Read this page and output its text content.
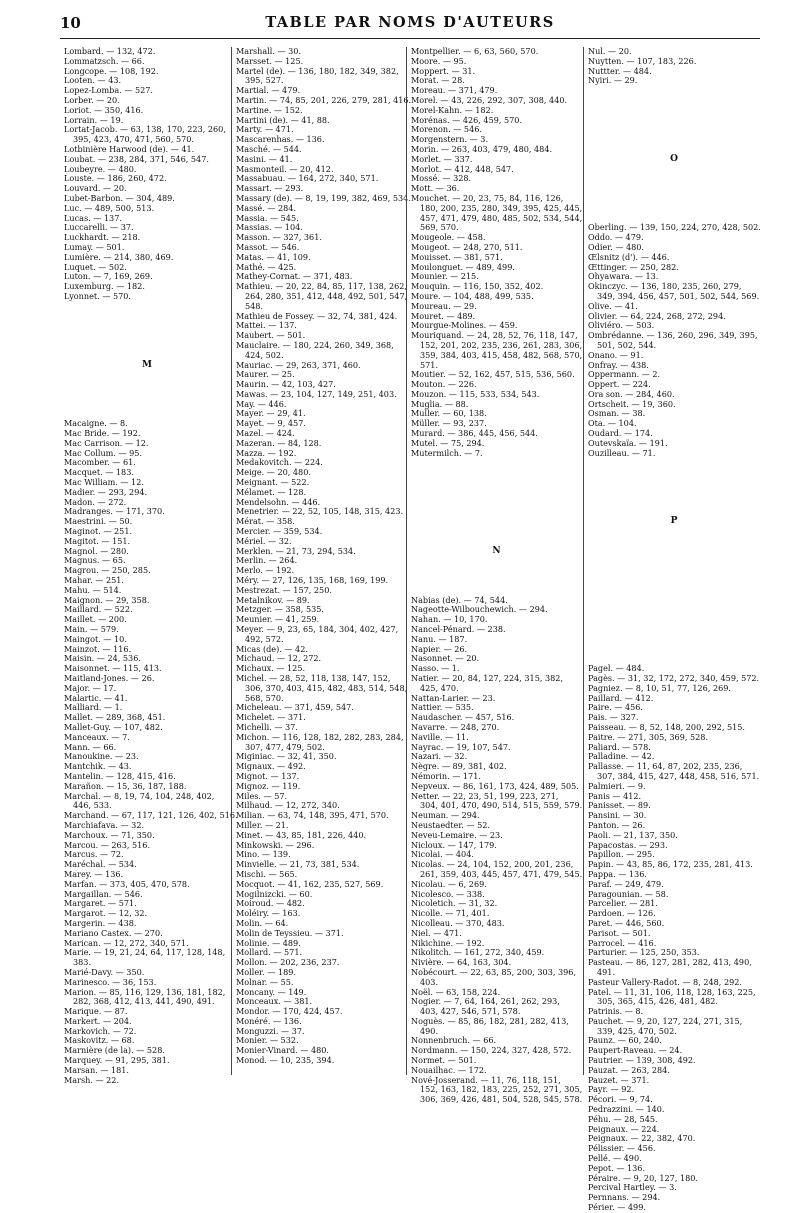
10	TABLE PAR NOMS D'AUTEURS
Lombard. — 132, 472.
Lommatzsch. — 66.
Longcope. — 108, 192.
Looten. — 43.
Lopez-Lomba. — 527.
Lorber. — 20.
Loriot. — 350, 416.
Lorrain. — 19.
Lortat-Jacob. — 63, 138, 170, 223, 260,
395, 423, 470, 471, 560, 570.
Lotbinière Harwood (de). — 41.
Loubat. — 238, 284, 371, 546, 547.
Loubeyre. — 480.
Louste. — 186, 260, 472.
Louvard. — 20.
Lubet-Barbon. — 304, 489.
Luc. — 489, 500, 513.
Lucas. — 137.
Luccarelli. — 37.
Luckhardt. — 218.
Lumay. — 501.
Lumière. — 214, 380, 469.
Luquet. — 502.
Luton. — 7, 169, 269.
Luxemburg. — 182.
Lyonnet. — 570.
M
Macaigne. — 8.
Mac Bride. — 192.
Mac Carrison. — 12.
Mac Collum. — 95.
Macomber. — 61.
Macquet. — 183.
Mac William. — 12.
Madier. — 293, 294.
Madon. — 272.
Madranges. — 171, 370.
Maestrini. — 50.
Maginot. — 251.
Magitot. — 151.
Magnol. — 280.
Magnus. — 65.
Magrou. — 250, 285.
Mahar. — 251.
Mahu. — 514.
Maignon. — 29, 358.
Maillard. — 522.
Maillet. — 200.
Main. — 579.
Maingot. — 10.
Mainzot. — 116.
Maisin. — 24, 536.
Maisonnet. — 115, 413.
Maitland-Jones. — 26.
Major. — 17.
Malartic. — 41.
Malliard. — 1.
Mallet. — 289, 368, 451.
Mallet-Guy. — 107, 482.
Manceaux. — 7.
Mann. — 66.
Manoukine. — 23.
Mantchik. — 43.
Mantelin. — 128, 415, 416.
Marañon. — 15, 36, 187, 188.
Marchal. — 8, 19, 74, 104, 248, 402,
446, 533.
Marchand. — 67, 117, 121, 126, 402, 516.
Marchiafava. — 32.
Marchoux. — 71, 350.
Marcou. — 263, 516.
Marcus. — 72.
Maréchal. — 534.
Marey. — 136.
Marfan. — 373, 405, 470, 578.
Margaillan. — 546.
Margaret. — 571.
Margarot. — 12, 32.
Margerin. — 438.
Mariano Castex. — 270.
Marican. — 12, 272, 340, 571.
Marie. — 19, 21, 24, 64, 117, 128, 148,
383.
Marié-Davy. — 350.
Marinesco. — 36, 153.
Marion. — 85, 116, 129, 136, 181, 182,
282, 368, 412, 413, 441, 490, 491.
Marique. — 87.
Markert. — 204.
Markovich. — 72.
Maskovitz. — 68.
Marnière (de la). — 528.
Marquey. — 91, 295, 381.
Marsan. — 181.
Marsh. — 22.
Marshall. — 30.
Marsset. — 125.
Martel (de). — 136, 180, 182, 349, 382,
395, 527.
Martial. — 479.
Martin. — 74, 85, 201, 226, 279, 281, 416.
Martine. — 152.
Martini (de). — 41, 88.
Marty. — 471.
Mascarenhas. — 136.
Masché. — 544.
Masini. — 41.
Masmonteil. — 20, 412.
Massabuau. — 164, 272, 340, 571.
Massart. — 293.
Massary (de). — 8, 19, 199, 382, 469, 534.
Massé. — 284.
Massia. — 545.
Massias. — 104.
Masson. — 327, 361.
Massot. — 546.
Matas. — 41, 109.
Mathé. — 425.
Mathey-Cornat. — 371, 483.
Mathieu. — 20, 22, 84, 85, 117, 138, 262,
264, 280, 351, 412, 448, 492, 501, 547,
548.
Mathieu de Fossey. — 32, 74, 381, 424.
Mattei. — 137.
Maubert. — 501.
Mauclaire. — 180, 224, 260, 349, 368,
424, 502.
Mauriac. — 29, 263, 371, 460.
Maurer. — 25.
Maurin. — 42, 103, 427.
Mawas. — 23, 104, 127, 149, 251, 403.
May. — 446.
Mayer. — 29, 41.
Mayet. — 9, 457.
Mazel. — 424.
Mazeran. — 84, 128.
Mazza. — 192.
Medakovitch. — 224.
Meige. — 20, 480.
Meignant. — 522.
Mélamet. — 128.
Mendelsohn. — 446.
Menetrier. — 22, 52, 105, 148, 315, 423.
Mérat. — 358.
Mercier. — 359, 534.
Mériel. — 32.
Merklen. — 21, 73, 294, 534.
Merlin. — 264.
Merlo. — 192.
Méry. — 27, 126, 135, 168, 169, 199.
Mestrezat. — 157, 250.
Metalnikov. — 89.
Metzger. — 358, 535.
Meunier. — 41, 259.
Meyer. — 9, 23, 65, 184, 304, 402, 427,
492, 572.
Micas (de). — 42.
Michaud. — 12, 272.
Michaux. — 125.
Michel. — 28, 52, 118, 138, 147, 152,
306, 370, 403, 415, 482, 483, 514, 548,
568, 570.
Micheleau. — 371, 459, 547.
Michelet. — 371.
Michelli. — 37.
Michon. — 116, 128, 182, 282, 283, 284,
307, 477, 479, 502.
Miginiac. — 32, 41, 350.
Mignaux. — 492.
Mignot. — 137.
Mignoz. — 119.
Miles. — 57.
Milhaud. — 12, 272, 340.
Milian. — 63, 74, 148, 395, 471, 570.
Miller. — 21.
Minet. — 43, 85, 181, 226, 440.
Minkowski. — 296.
Mino. — 139.
Minvielle. — 21, 73, 381, 534.
Mischi. — 565.
Mocquot. — 41, 162, 235, 527, 569.
Mogilnizcki. — 60.
Moiroud. — 482.
Moléiry. — 163.
Molin. — 64.
Molin de Teyssieu. — 371.
Molinie. — 489.
Mollard. — 571.
Mollon. — 202, 236, 237.
Moller. — 189.
Molnar. — 55.
Moncany. — 149.
Monceaux. — 381.
Mondor. — 170, 424, 457.
Monéré. — 136.
Monguzzi. — 37.
Monier. — 532.
Monier-Vinard. — 480.
Monod. — 10, 235, 394.
Montpellier. — 6, 63, 560, 570.
Moore. — 95.
Moppert. — 31.
Morat. — 28.
Moreau. — 371, 479.
Morel. — 43, 226, 292, 307, 308, 440.
Morel-Kahn. — 182.
Morénas. — 426, 459, 570.
Morenon. — 546.
Morgenstern. — 3.
Morin. — 263, 403, 479, 480, 484.
Morlet. — 337.
Morlot. — 412, 448, 547.
Mossé. — 328.
Mott. — 36.
Mouchet. — 20, 23, 75, 84, 116, 126,
180, 200, 235, 280, 349, 395, 425, 445,
457, 471, 479, 480, 485, 502, 534, 544,
569, 570.
Mougeole. — 458.
Mougeot. — 248, 270, 511.
Mouisset. — 381, 571.
Moulonguet. — 489, 499.
Mounier. — 215.
Mouquin. — 116, 150, 352, 402.
Moure. — 104, 488, 499, 535.
Moureau. — 29.
Mouret. — 489.
Mourgue-Molines. — 459.
Mouriquand. — 24, 28, 52, 76, 118, 147,
152, 201, 202, 235, 236, 261, 283, 306,
359, 384, 403, 415, 458, 482, 568, 570,
571.
Moutier. — 52, 162, 457, 515, 536, 560.
Mouton. — 226.
Mouzon. — 115, 533, 534, 543.
Muglia. — 88.
Muller. — 60, 138.
Müller. — 93, 237.
Murard. — 386, 445, 456, 544.
Mutel. — 75, 294.
Mutermilch. — 7.
N
Nabias (de). — 74, 544.
Nageotte-Wilbouchewich. — 294.
Nahan. — 10, 170.
Nancel-Pénard. — 238.
Nanu. — 187.
Napier. — 26.
Nasonnet. — 20.
Nasso. — 1.
Natier. — 20, 84, 127, 224, 315, 382,
425, 470.
Nattan-Larier. — 23.
Nattier. — 535.
Naudascher. — 457, 516.
Navarre. — 248, 270.
Naville. — 11.
Nayrac. — 19, 107, 547.
Nazari. — 32.
Nègre. — 89, 381, 402.
Némorin. — 171.
Nepveux. — 86, 161, 173, 424, 489, 505.
Netter. — 22, 23, 51, 199, 223, 271,
304, 401, 470, 490, 514, 515, 559, 579.
Neuman. — 294.
Neustaedter. — 52.
Neveu-Lemaire. — 23.
Nicloux. — 147, 179.
Nicolai. — 404.
Nicolas. — 24, 104, 152, 200, 201, 236,
261, 359, 403, 445, 457, 471, 479, 545.
Nicolau. — 6, 269.
Nicolesco. — 338.
Nicoletich. — 31, 32.
Nicolle. — 71, 401.
Nicolleau. — 370, 483.
Niel. — 471.
Nikichine. — 192.
Nikolitch. — 161, 272, 340, 459.
Nivière. — 64, 163, 304.
Nobécourt. — 22, 63, 85, 200, 303, 396,
403.
Noël. — 63, 158, 224.
Nogier. — 7, 64, 164, 261, 262, 293,
403, 427, 546, 571, 578.
Noguès. — 85, 86, 182, 281, 282, 413,
490.
Nonnenbruch. — 66.
Nordmann. — 150, 224, 327, 428, 572.
Normet. — 501.
Nouailhac. — 172.
Nové-Josserand. — 11, 76, 118, 151,
152, 163, 182, 183, 225, 252, 271, 305,
306, 369, 426, 481, 504, 528, 545, 578.
Nul. — 20.
Nuytten. — 107, 183, 226.
Nuttter. — 484.
Nyiri. — 29.
O
Oberling. — 139, 150, 224, 270, 428, 502.
Oddo. — 479.
Odier. — 480.
Œlsnitz (d'). — 446.
Œttinger. — 250, 282.
Ohyawara. — 13.
Okinczyc. — 136, 180, 235, 260, 279,
349, 394, 456, 457, 501, 502, 544, 569.
Olive. — 41.
Olivier. — 64, 224, 268, 272, 294.
Oliviéro. — 503.
Ombrédanne. — 136, 260, 296, 349, 395,
501, 502, 544.
Onano. — 91.
Onfray. — 438.
Oppermann. — 2.
Oppert. — 224.
Ora son. — 284, 460.
Ortscheit. — 19, 360.
Osman. — 38.
Ota. — 104.
Oudard. — 174.
Outevskaïa. — 191.
Ouzilleau. — 71.
P
Pagel. — 484.
Pagès. — 31, 32, 172, 272, 340, 459, 572.
Pagniez. — 8, 10, 51, 77, 126, 269.
Paillard. — 412.
Paire. — 456.
Pais. — 327.
Paisseau. — 8, 52, 148, 200, 292, 515.
Paitre. — 271, 305, 369, 528.
Paliard. — 578.
Palladine. — 42.
Pallasse. — 11, 64, 87, 202, 235, 236,
307, 384, 415, 427, 448, 458, 516, 571.
Palmieri. — 9.
Panis — 412.
Panisset. — 89.
Pansini. — 30.
Panton. — 26.
Paoli. — 21, 137, 350.
Papacostas. — 293.
Papillon. — 295.
Papin. — 43, 85, 86, 172, 235, 281, 413.
Pappa. — 136.
Paraf. — 249, 479.
Paragounian. — 58.
Parcelier. — 281.
Pardoen. — 126.
Paret. — 446, 560.
Parisot. — 501.
Parrocel. — 416.
Parturier. — 125, 250, 353.
Pasteau. — 86, 127, 281, 282, 413, 490,
491.
Pasteur Vallery-Radot. — 8, 248, 292.
Patel. — 11, 31, 106, 118, 128, 163, 225,
305, 365, 415, 426, 481, 482.
Patrinis. — 8.
Pauchet. — 9, 20, 127, 224, 271, 315,
339, 425, 470, 502.
Paunz. — 60, 240.
Paupert-Raveau. — 24.
Pautrier. — 139, 308, 492.
Pauzat. — 263, 284.
Pauzet. — 371.
Payr. — 92.
Pécori. — 9, 74.
Pedrazzini. — 140.
Péhu. — 28, 545.
Peignaux. — 224.
Peignaux. — 22, 382, 470.
Pélissier. — 456.
Pellé. — 490.
Pepot. — 136.
Péraire. — 9, 20, 127, 180.
Percival Hartley. — 3.
Pernnans. — 294.
Périer. — 499.
